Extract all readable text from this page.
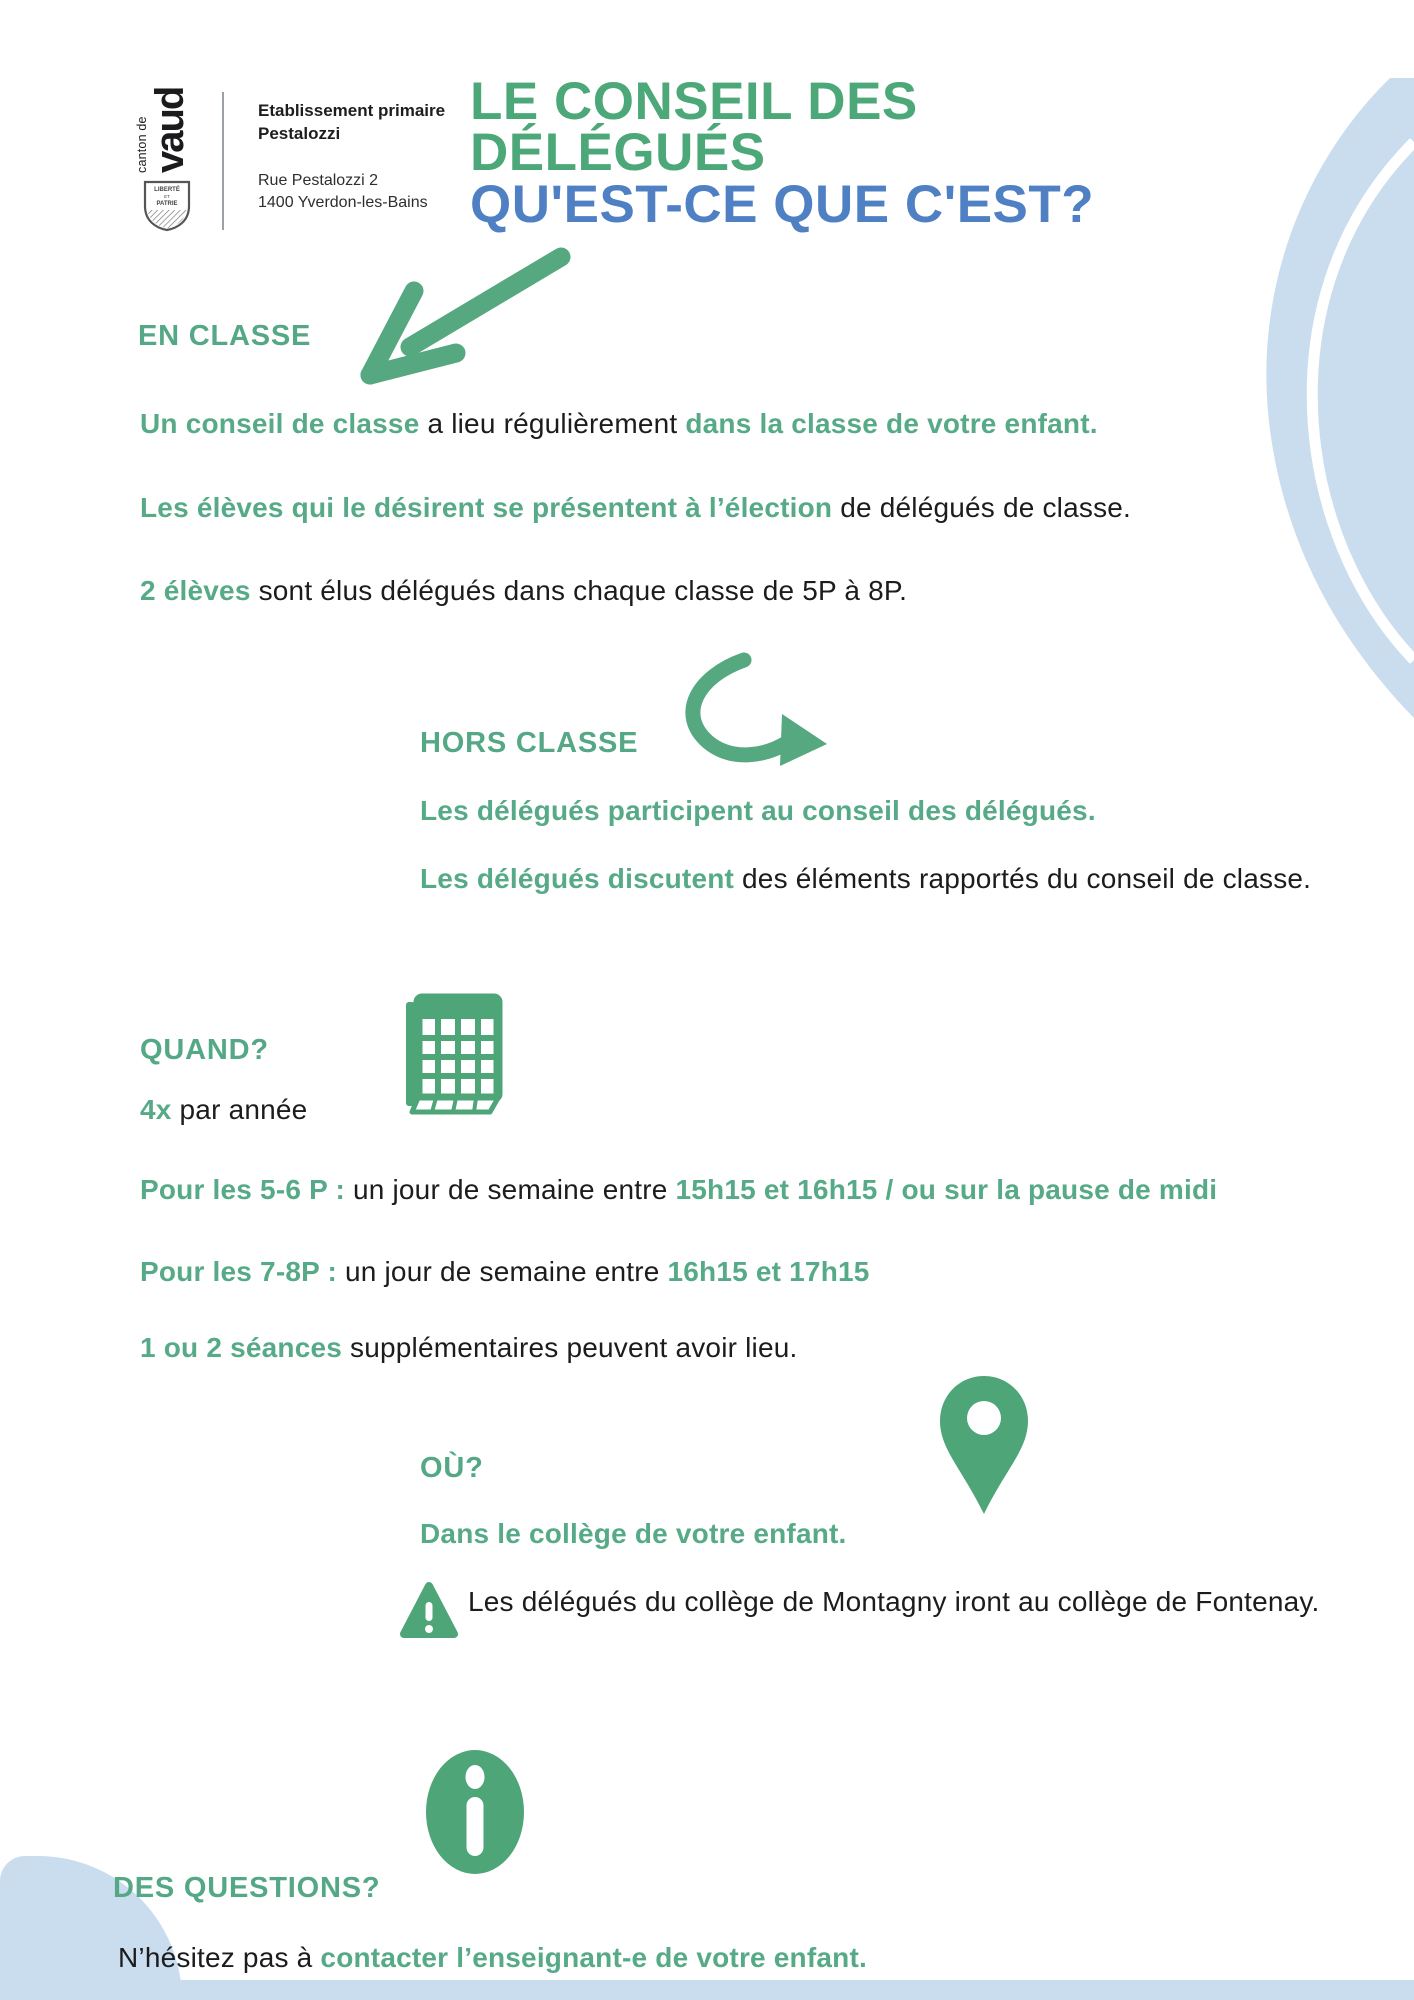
canton de vaud
LIBERTÉ
ET
PATRIE
Etablissement primaire
Pestalozzi
Rue Pestalozzi 2
1400 Yverdon-les-Bains
LE CONSEIL DES
DÉLÉGUÉS
QU'EST-CE QUE C'EST?
EN CLASSE
Un conseil de classe a lieu régulièrement dans la classe de votre enfant.
Les élèves qui le désirent se présentent à l’élection de délégués de classe.
2 élèves sont élus délégués dans chaque classe de 5P à 8P.
HORS CLASSE
Les délégués participent au conseil des délégués.
Les délégués discutent des éléments rapportés du conseil de classe.
QUAND?
4x par année
Pour les 5-6 P : un jour de semaine entre 15h15 et 16h15 / ou sur la pause de midi
Pour les 7-8P : un jour de semaine entre 16h15 et 17h15
1 ou 2 séances supplémentaires peuvent avoir lieu.
OÙ?
Dans le collège de votre enfant.
Les délégués du collège de Montagny iront au collège de Fontenay.
DES QUESTIONS?
N’hésitez pas à contacter l’enseignant-e de votre enfant.
